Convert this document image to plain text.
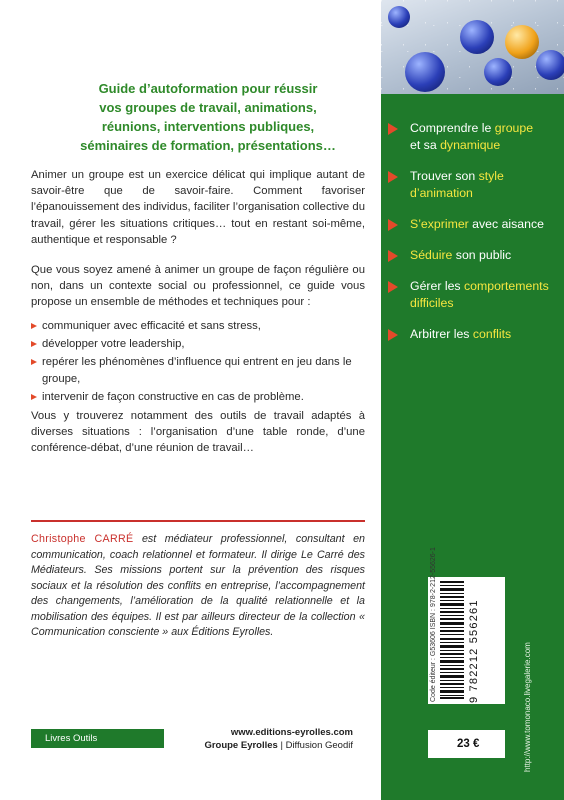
Comprendre le groupe
et sa dynamique
Trouver son style
d’animation
S’exprimer avec aisance
Séduire son public
Gérer les comportements
difficiles
Arbitrer les conflits
Guide d’autoformation pour réussir
vos groupes de travail, animations,
réunions, interventions publiques,
séminaires de formation, présentations…
Animer un groupe est un exercice délicat qui implique autant de savoir-être que de savoir-faire. Comment favoriser l’épanouissement des individus, faciliter l’organisation collective du travail, gérer les situations critiques… tout en restant soi-même, authentique et responsable ?
Que vous soyez amené à animer un groupe de façon régulière ou non, dans un contexte social ou professionnel, ce guide vous propose un ensemble de méthodes et techniques pour :
communiquer avec efficacité et sans stress,
développer votre leadership,
repérer les phénomènes d’influence qui entrent en jeu dans le groupe,
intervenir de façon constructive en cas de problème.
Vous y trouverez notamment des outils de travail adaptés à diverses situations : l’organisation d’une table ronde, d’une conférence-débat, d’une réunion de travail…
Christophe CARRÉ est médiateur professionnel, consultant en communication, coach relationnel et formateur. Il dirige Le Carré des Médiateurs. Ses missions portent sur la prévention des risques sociaux et la résolution des conflits en entreprise, l’accompagnement des changements, l’amélioration de la qualité relationnelle et la mobilisation des équipes. Il est par ailleurs directeur de la collection « Communication consciente » aux Éditions Eyrolles.
Livres Outils
www.editions-eyrolles.com
Groupe Eyrolles | Diffusion Geodif
Code éditeur : G53606 ISBN : 978-2-212-55626-1	9 782212 556261
23 €	http://www.tomonaco.livegalerie.com
